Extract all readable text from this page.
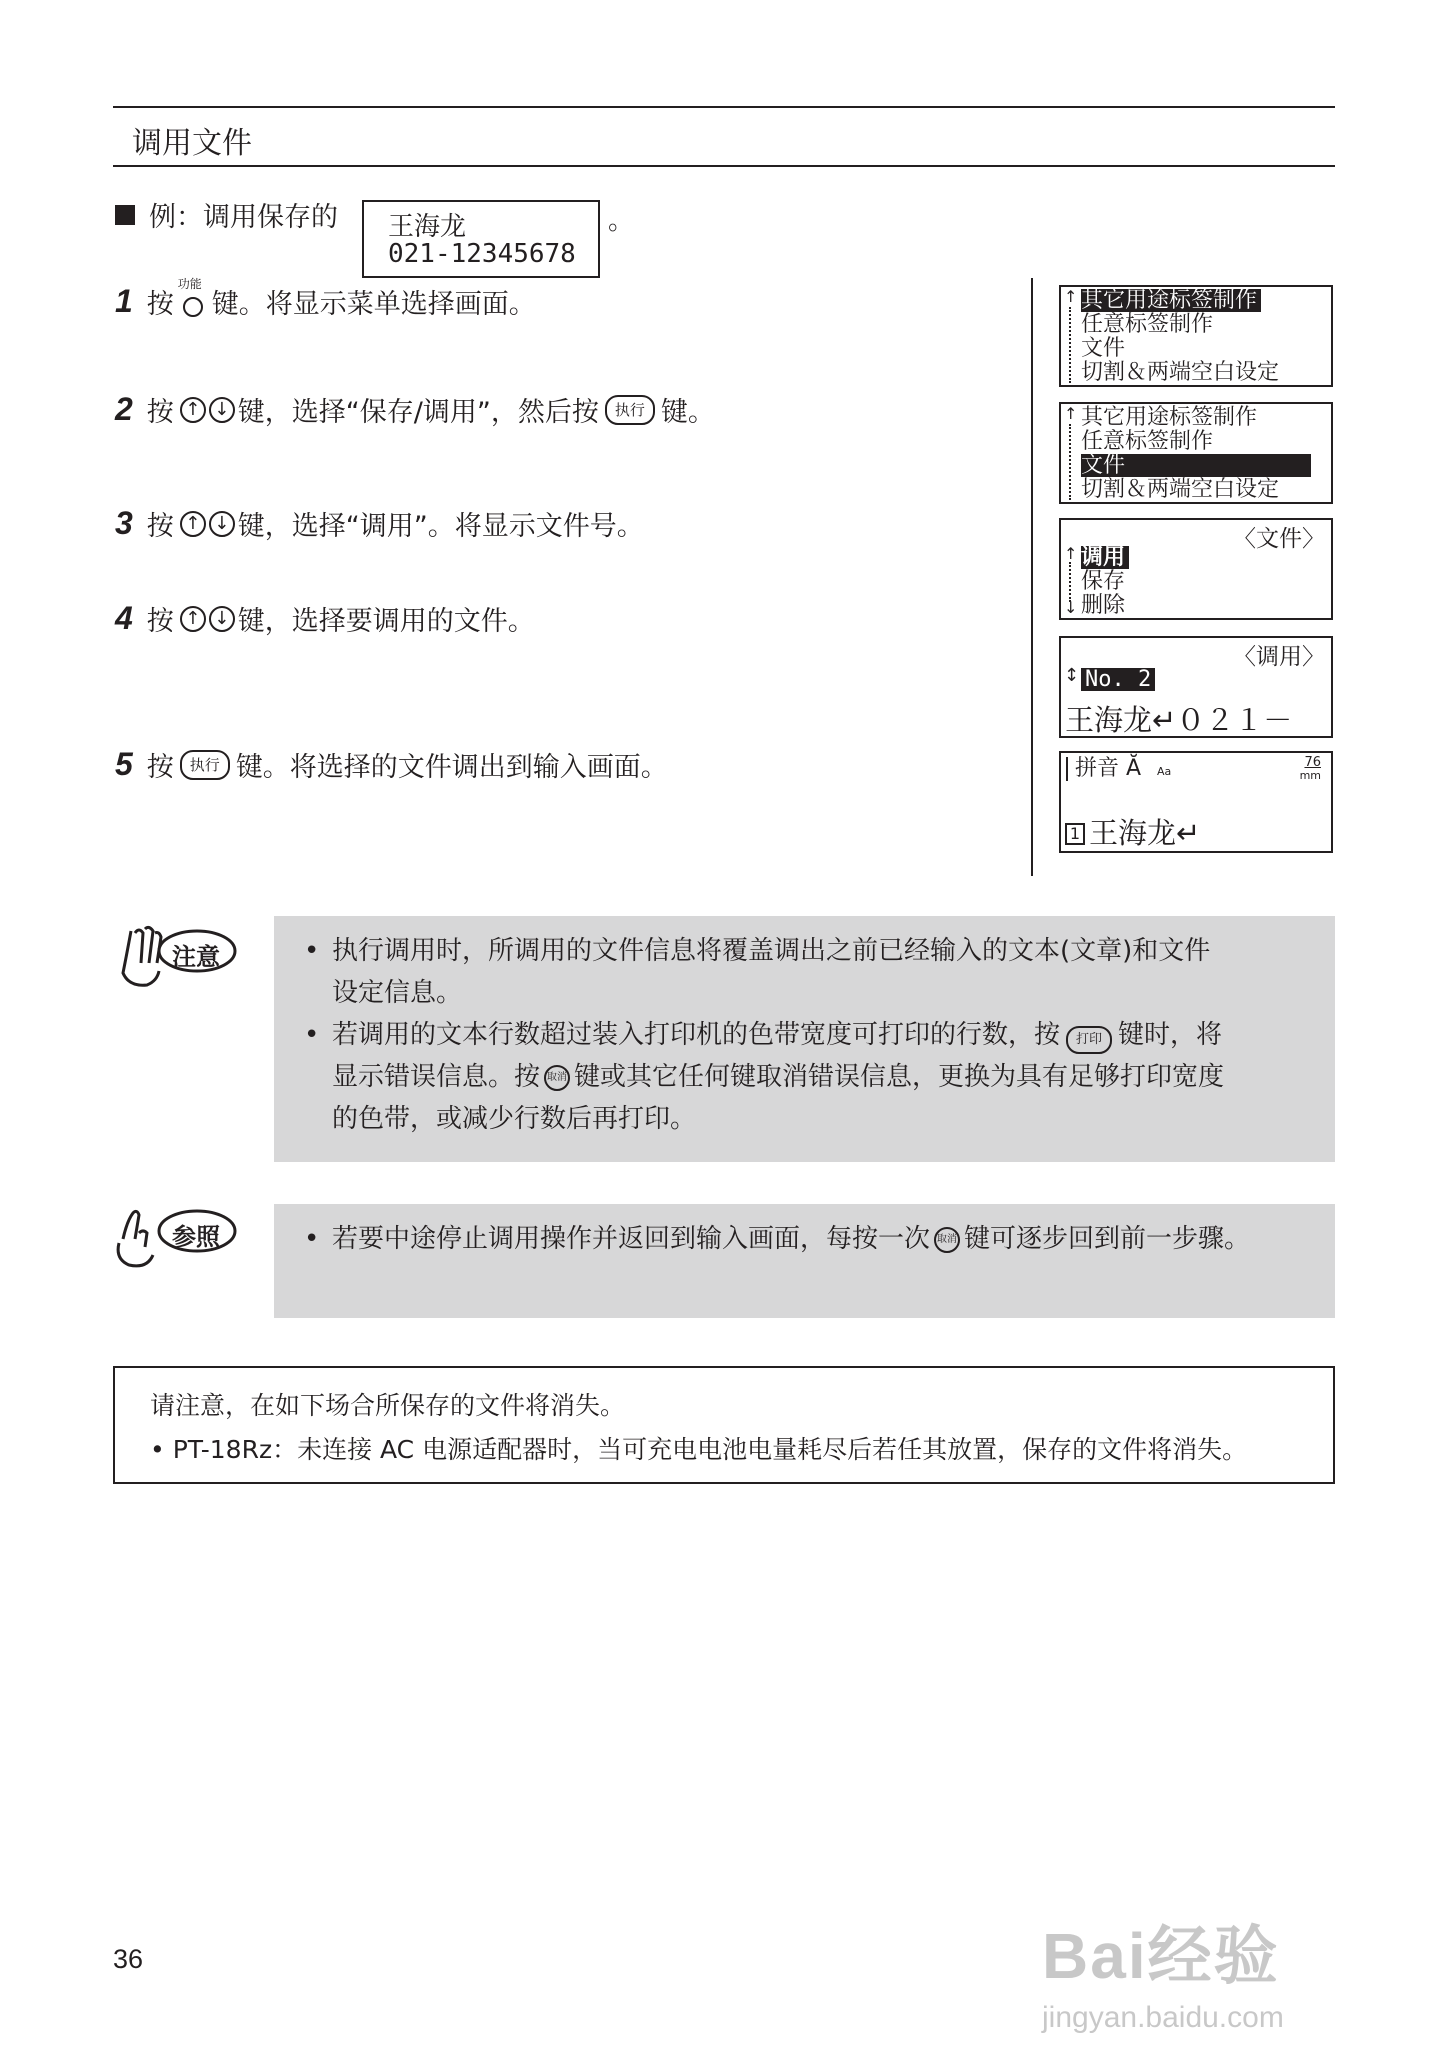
调用文件
例：调用保存的 王海龙
021-12345678
。
1 按
功能
键。将显示菜单选择画面。
2 按 ↑ ↓ 键，选择“保存/调用”，然后按	执行 键。
3 按 ↑ ↓ 键，选择“调用”。将显示文件号。
4 按 ↑ ↓ 键，选择要调用的文件。
5 按	执行 键。将选择的文件调出到输入画面。
↑ 其它用途标签制作
任意标签制作
文件
切割＆两端空白设定
↑ 其它用途标签制作
任意标签制作
文件
切割＆两端空白设定
〈文件〉
↑
↓
调用
保存
删除
〈调用〉
↕ No. 2
王海龙↵０２１－
拼音 Ă Aa
76
mm
1 王海龙↵
注意	• 执行调用时，所调用的文件信息将覆盖调出之前已经输入的文本(文章)和文件
设定信息。
• 若调用的文本行数超过装入打印机的色带宽度可打印的行数，按 打印 键时，将
显示错误信息。按 取消 键或其它任何键取消错误信息，更换为具有足够打印宽度
的色带，或减少行数后再打印。
参照	• 若要中途停止调用操作并返回到输入画面，每按一次 取消 键可逐步回到前一步骤。
请注意，在如下场合所保存的文件将消失。
• PT-18Rz：未连接 AC 电源适配器时，当可充电电池电量耗尽后若任其放置，保存的文件将消失。
36	Bai经验
jingyan.baidu.com
